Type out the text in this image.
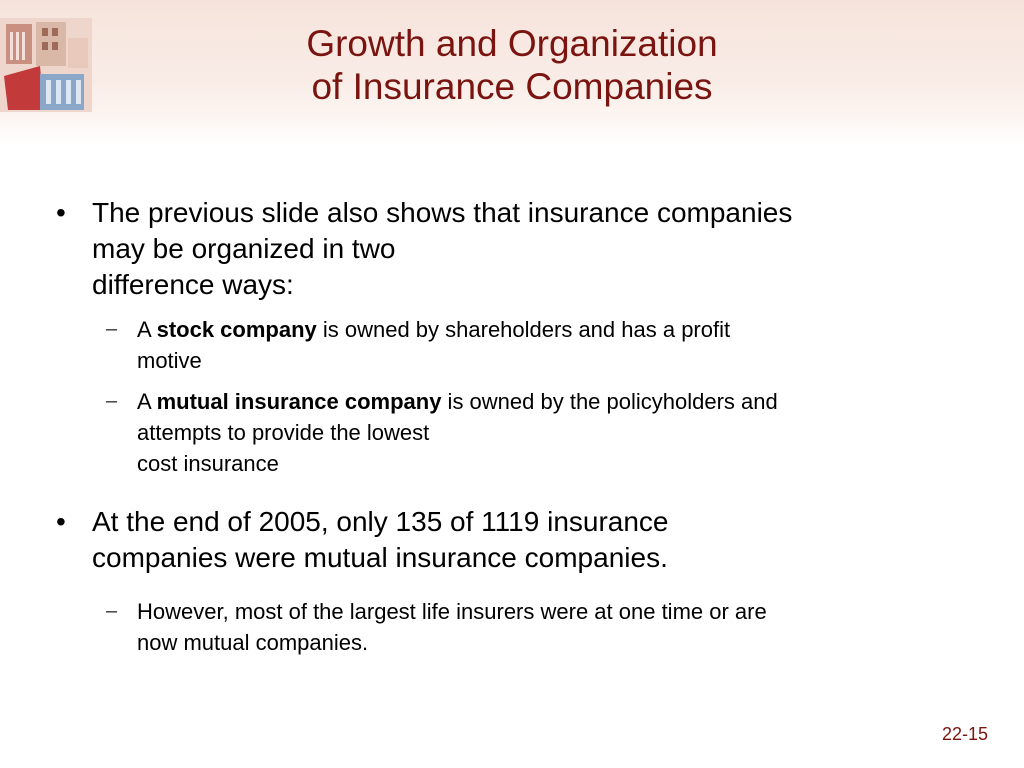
Growth and Organization
of Insurance Companies
• The previous slide also shows that insurance companies
may be organized in two
difference ways:
– A stock company is owned by shareholders and has a profit
motive
– A mutual insurance company is owned by the policyholders and
attempts to provide the lowest
cost insurance
• At the end of 2005, only 135 of 1119 insurance
companies were mutual insurance companies.
– However, most of the largest life insurers were at one time or are
now mutual companies.
22-15
